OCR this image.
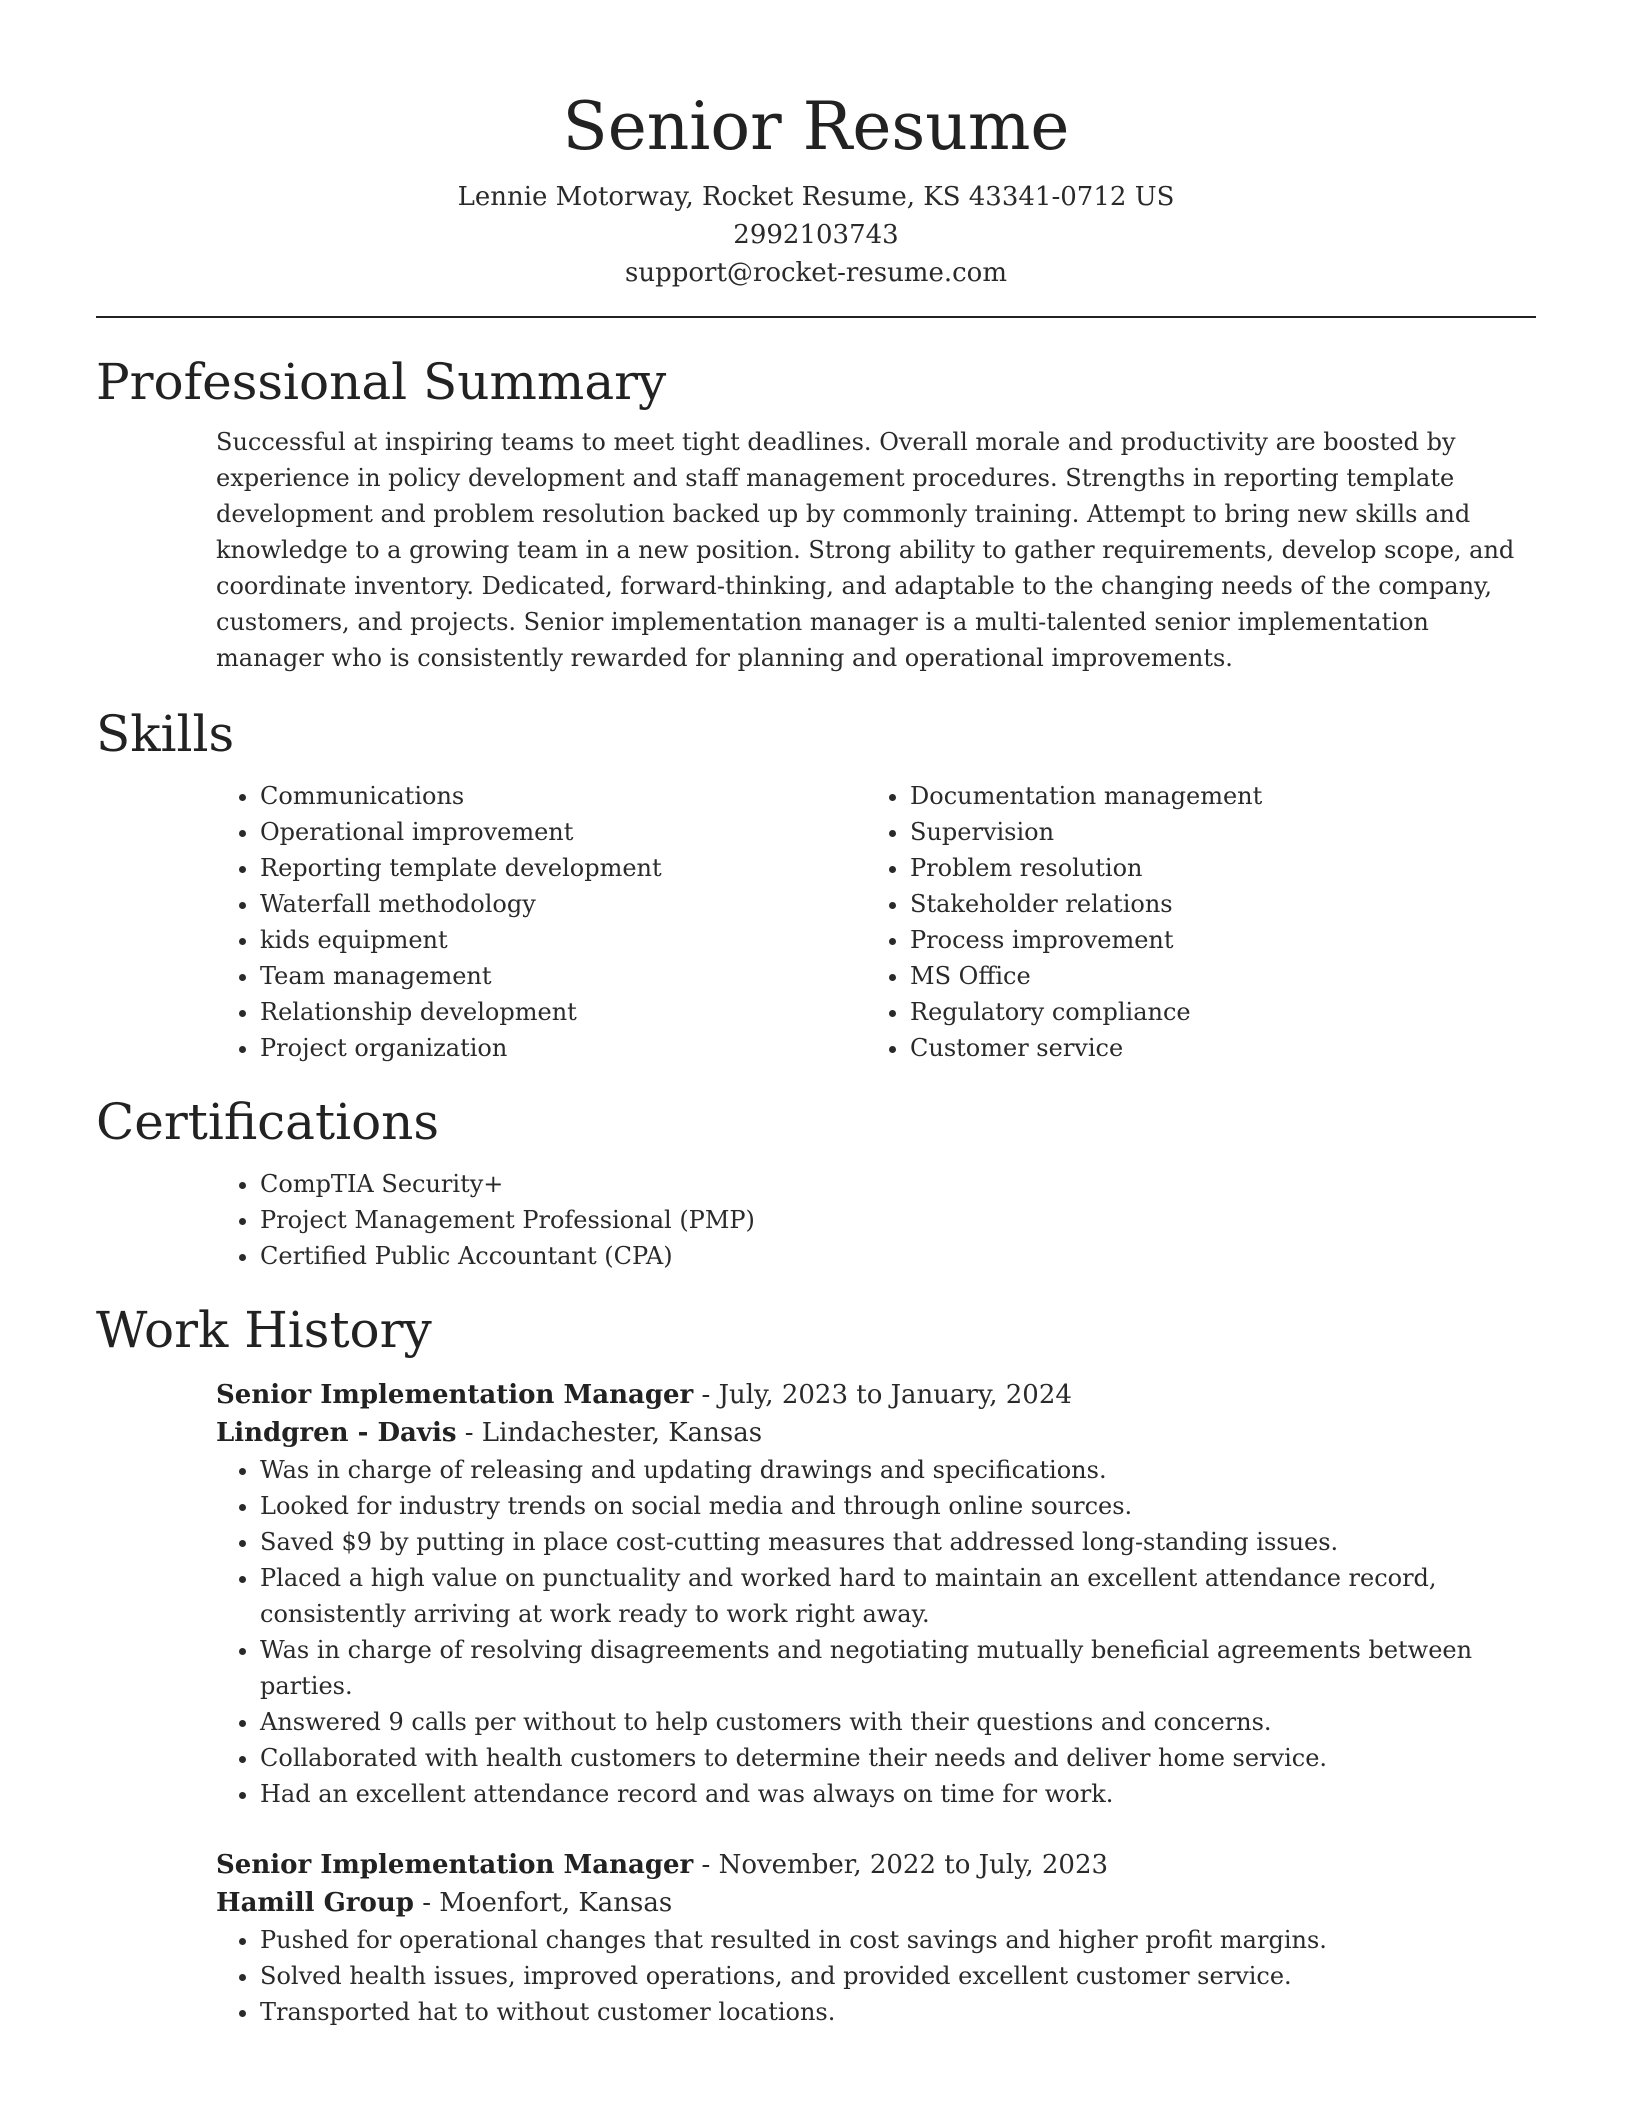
Senior Resume
Lennie Motorway, Rocket Resume, KS 43341-0712 US
2992103743
support@rocket-resume.com
Professional Summary

Successful at inspiring teams to meet tight deadlines. Overall morale and productivity are boosted by experience in policy development and staff management procedures. Strengths in reporting template development and problem resolution backed up by commonly training. Attempt to bring new skills and knowledge to a growing team in a new position. Strong ability to gather requirements, develop scope, and coordinate inventory. Dedicated, forward-thinking, and adaptable to the changing needs of the company, customers, and projects. Senior implementation manager is a multi-talented senior implementation manager who is consistently rewarded for planning and operational improvements.

Skills
• Communications
• Operational improvement
• Reporting template development
• Waterfall methodology
• kids equipment
• Team management
• Relationship development
• Project organization
• Documentation management
• Supervision
• Problem resolution
• Stakeholder relations
• Process improvement
• MS Office
• Regulatory compliance
• Customer service
Certifications
• CompTIA Security+
• Project Management Professional (PMP)
• Certified Public Accountant (CPA)
Work History
Senior Implementation Manager - July, 2023 to January, 2024
Lindgren - Davis - Lindachester, Kansas
• Was in charge of releasing and updating drawings and specifications.
• Looked for industry trends on social media and through online sources.
• Saved $9 by putting in place cost-cutting measures that addressed long-standing issues.
• Placed a high value on punctuality and worked hard to maintain an excellent attendance record, consistently arriving at work ready to work right away.
• Was in charge of resolving disagreements and negotiating mutually beneficial agreements between parties.
• Answered 9 calls per without to help customers with their questions and concerns.
• Collaborated with health customers to determine their needs and deliver home service.
• Had an excellent attendance record and was always on time for work.
Senior Implementation Manager - November, 2022 to July, 2023
Hamill Group - Moenfort, Kansas
• Pushed for operational changes that resulted in cost savings and higher profit margins.
• Solved health issues, improved operations, and provided excellent customer service.
• Transported hat to without customer locations.
